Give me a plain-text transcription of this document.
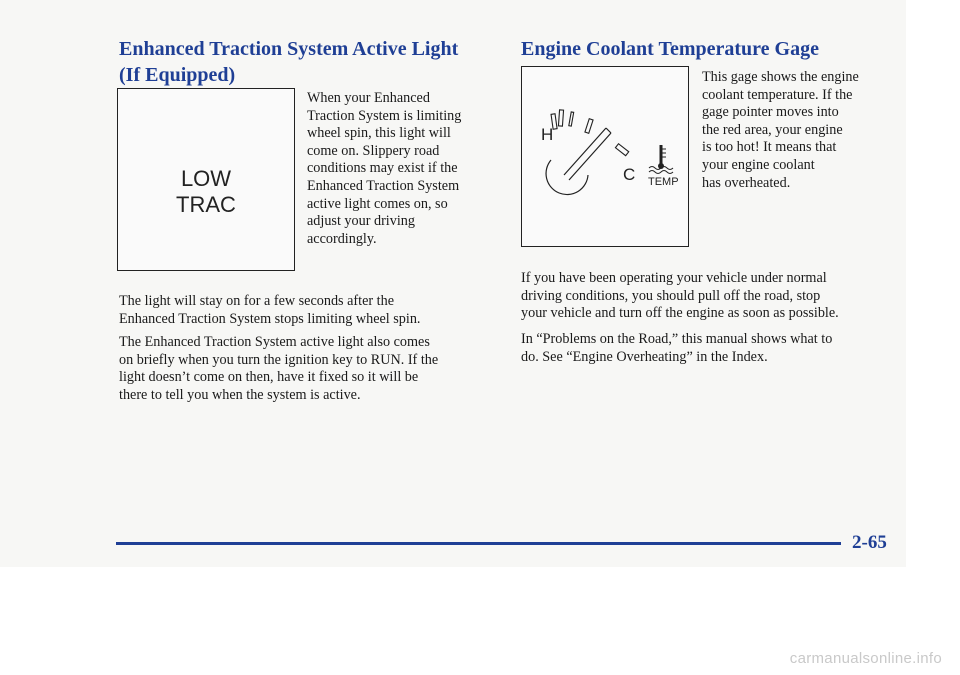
Enhanced Traction System Active Light
(If Equipped)
LOW
TRAC

When your Enhanced
Traction System is limiting
wheel spin, this light will
come on. Slippery road
conditions may exist if the
Enhanced Traction System
active light comes on, so
adjust your driving
accordingly.

The light will stay on for a few seconds after the
Enhanced Traction System stops limiting wheel spin.

The Enhanced Traction System active light also comes
on briefly when you turn the ignition key to RUN. If the
light doesn’t come on then, have it fixed so it will be
there to tell you when the system is active.

Engine Coolant Temperature Gage
H
C TEMP

This gage shows the engine
coolant temperature. If the
gage pointer moves into
the red area, your engine
is too hot! It means that
your engine coolant
has overheated.

If you have been operating your vehicle under normal
driving conditions, you should pull off the road, stop
your vehicle and turn off the engine as soon as possible.

In “Problems on the Road,” this manual shows what to
do. See “Engine Overheating” in the Index.

2-65
carmanualsonline.info
